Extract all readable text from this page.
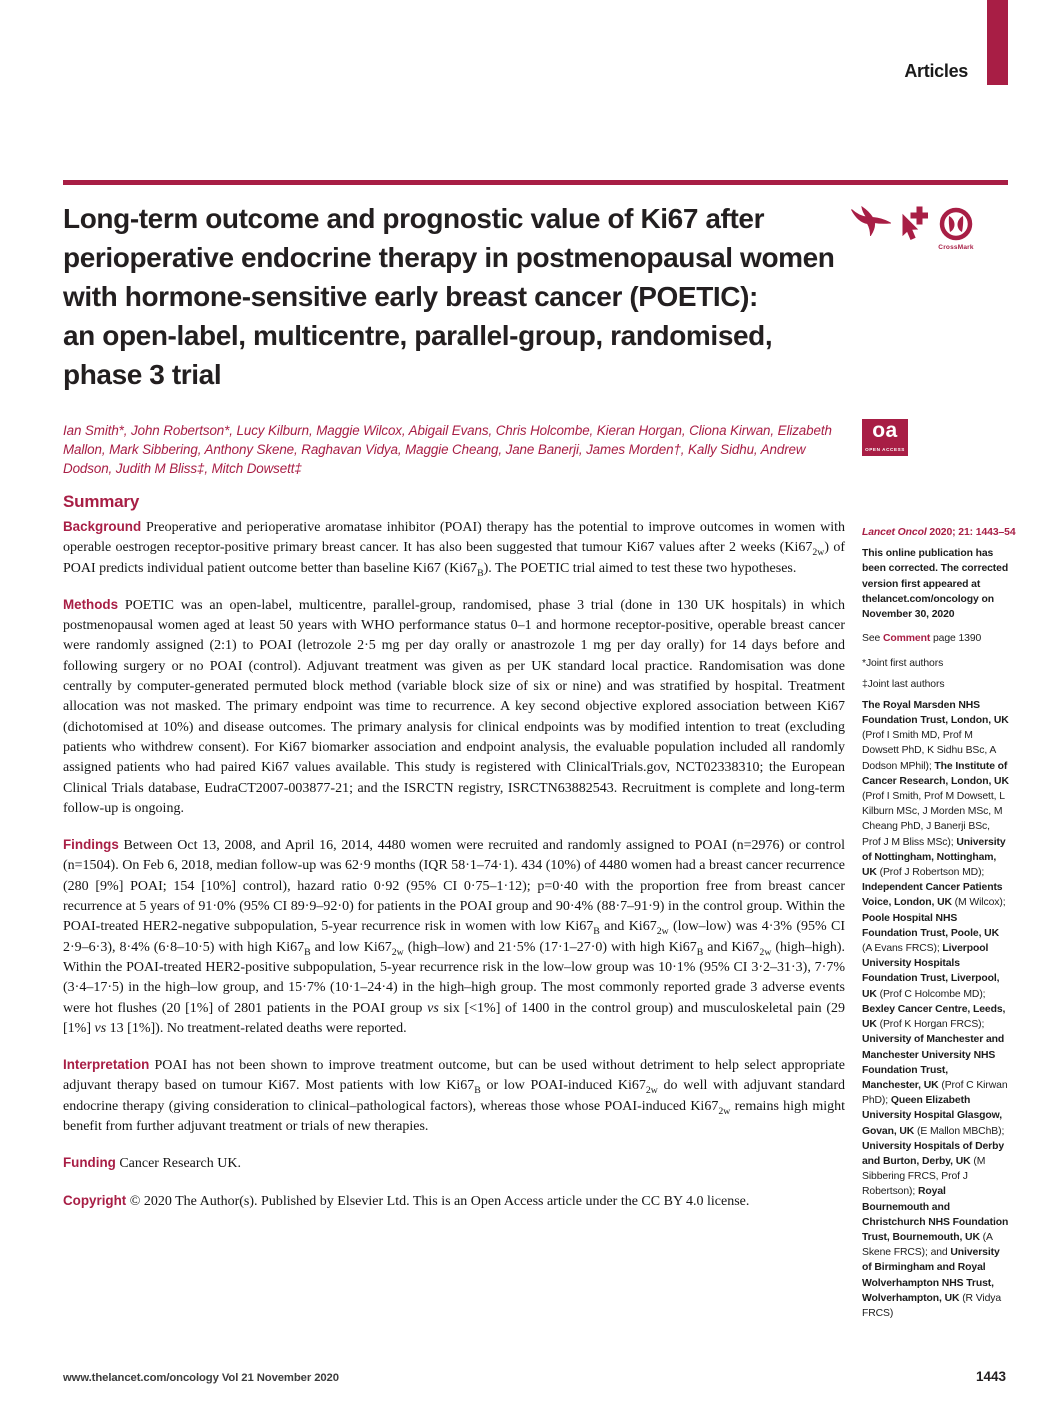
Articles
Long-term outcome and prognostic value of Ki67 after
perioperative endocrine therapy in postmenopausal women
with hormone-sensitive early breast cancer (POETIC):
an open-label, multicentre, parallel-group, randomised,
phase 3 trial
CrossMark

Ian Smith*, John Robertson*, Lucy Kilburn, Maggie Wilcox, Abigail Evans, Chris Holcombe, Kieran Horgan, Cliona Kirwan, Elizabeth Mallon, Mark Sibbering, Anthony Skene, Raghavan Vidya, Maggie Cheang, Jane Banerji, James Morden†, Kally Sidhu, Andrew Dodson, Judith M Bliss‡, Mitch Dowsett‡

Summary

Background Preoperative and perioperative aromatase inhibitor (POAI) therapy has the potential to improve outcomes in women with operable oestrogen receptor-positive primary breast cancer. It has also been suggested that tumour Ki67 values after 2 weeks $(Ki67_{2w})$ of POAI predicts individual patient outcome better than baseline Ki67 $(Ki67_B)$. The POETIC trial aimed to test these two hypotheses.

Methods POETIC was an open-label, multicentre, parallel-group, randomised, phase 3 trial (done in 130 UK hospitals) in which postmenopausal women aged at least 50 years with WHO performance status 0–1 and hormone receptor-positive, operable breast cancer were randomly assigned (2:1) to POAI (letrozole 2·5 mg per day orally or anastrozole 1 mg per day orally) for 14 days before and following surgery or no POAI (control). Adjuvant treatment was given as per UK standard local practice. Randomisation was done centrally by computer-generated permuted block method (variable block size of six or nine) and was stratified by hospital. Treatment allocation was not masked. The primary endpoint was time to recurrence. A key second objective explored association between Ki67 (dichotomised at 10%) and disease outcomes. The primary analysis for clinical endpoints was by modified intention to treat (excluding patients who withdrew consent). For Ki67 biomarker association and endpoint analysis, the evaluable population included all randomly assigned patients who had paired Ki67 values available. This study is registered with ClinicalTrials.gov, NCT02338310; the European Clinical Trials database, EudraCT2007-003877-21; and the ISRCTN registry, ISRCTN63882543. Recruitment is complete and long-term follow-up is ongoing.

Findings Between Oct 13, 2008, and April 16, 2014, 4480 women were recruited and randomly assigned to POAI (n=2976) or control (n=1504). On Feb 6, 2018, median follow-up was 62·9 months (IQR 58·1–74·1). 434 (10%) of 4480 women had a breast cancer recurrence (280 [9%] POAI; 154 [10%] control), hazard ratio 0·92 (95% CI 0·75–1·12); p=0·40 with the proportion free from breast cancer recurrence at 5 years of 91·0% (95% CI 89·9–92·0) for patients in the POAI group and 90·4% (88·7–91·9) in the control group. Within the POAI-treated HER2-negative subpopulation, 5-year recurrence risk in women with low $Ki67_B$ and $Ki67_{2w}$ (low–low) was 4·3% (95% CI 2·9–6·3), 8·4% (6·8–10·5) with high $Ki67_B$ and low $Ki67_{2w}$ (high–low) and 21·5% (17·1–27·0) with high $Ki67_B$ and $Ki67_{2w}$ (high–high). Within the POAI-treated HER2-positive subpopulation, 5-year recurrence risk in the low–low group was 10·1% (95% CI 3·2–31·3), 7·7% (3·4–17·5) in the high–low group, and 15·7% (10·1–24·4) in the high–high group. The most commonly reported grade 3 adverse events were hot flushes (20 [1%] of 2801 patients in the POAI group vs six [<1%] of 1400 in the control group) and musculoskeletal pain (29 [1%] vs 13 [1%]). No treatment-related deaths were reported.

Interpretation POAI has not been shown to improve treatment outcome, but can be used without detriment to help select appropriate adjuvant therapy based on tumour Ki67. Most patients with low $Ki67_B$ or low POAI-induced $Ki67_{2w}$ do well with adjuvant standard endocrine therapy (giving consideration to clinical–pathological factors), whereas those whose POAI-induced $Ki67_{2w}$ remains high might benefit from further adjuvant treatment or trials of new therapies.

Funding Cancer Research UK.

Copyright © 2020 The Author(s). Published by Elsevier Ltd. This is an Open Access article under the CC BY 4.0 license.

oa
OPEN ACCESS
Lancet Oncol 2020; 21: 1443–54
This online publication has been corrected. The corrected version first appeared at thelancet.com/oncology on November 30, 2020
See Comment page 1390
*Joint first authors
‡Joint last authors
The Royal Marsden NHS Foundation Trust, London, UK (Prof I Smith MD, Prof M Dowsett PhD, K Sidhu BSc, A Dodson MPhil); The Institute of Cancer Research, London, UK (Prof I Smith, Prof M Dowsett, L Kilburn MSc, J Morden MSc, M Cheang PhD, J Banerji BSc, Prof J M Bliss MSc); University of Nottingham, Nottingham, UK (Prof J Robertson MD); Independent Cancer Patients Voice, London, UK (M Wilcox); Poole Hospital NHS Foundation Trust, Poole, UK (A Evans FRCS); Liverpool University Hospitals Foundation Trust, Liverpool, UK (Prof C Holcombe MD); Bexley Cancer Centre, Leeds, UK (Prof K Horgan FRCS); University of Manchester and Manchester University NHS Foundation Trust, Manchester, UK (Prof C Kirwan PhD); Queen Elizabeth University Hospital Glasgow, Govan, UK (E Mallon MBChB); University Hospitals of Derby and Burton, Derby, UK (M Sibbering FRCS, Prof J Robertson); Royal Bournemouth and Christchurch NHS Foundation Trust, Bournemouth, UK (A Skene FRCS); and University of Birmingham and Royal Wolverhampton NHS Trust, Wolverhampton, UK (R Vidya FRCS)
www.thelancet.com/oncology Vol 21 November 2020	1443
